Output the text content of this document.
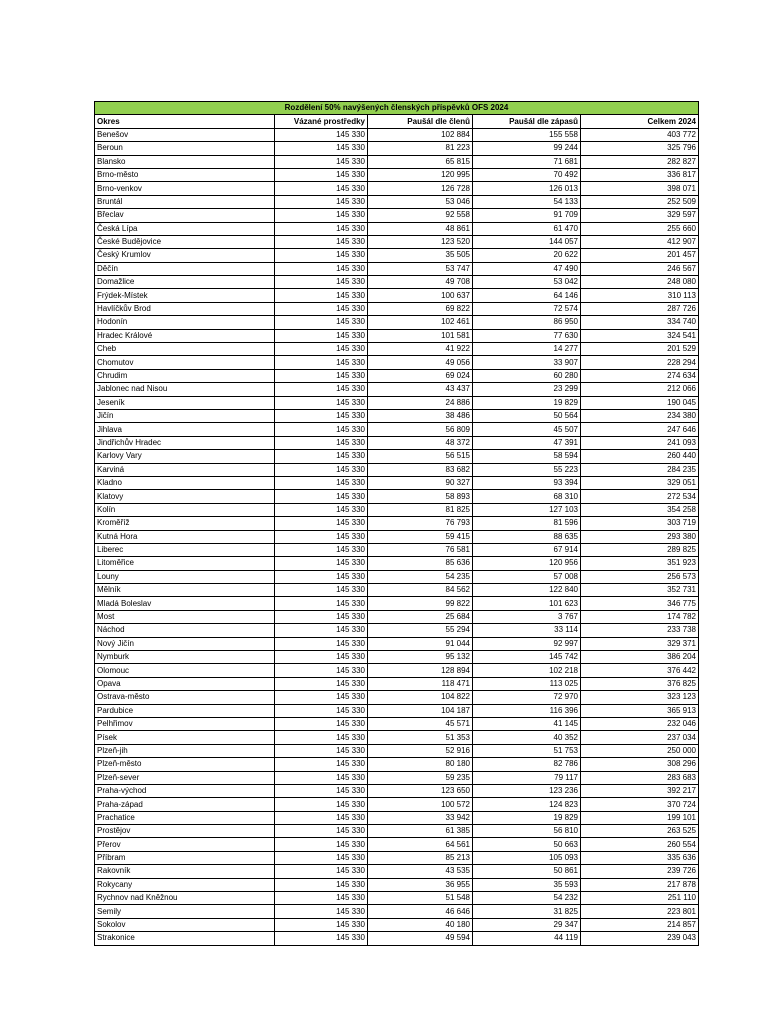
Rozdělení 50% navýšených členských příspěvků OFS 2024				
Okres	Vázané prostředky	Paušál dle členů	Paušál dle zápasů	Celkem 2024
Benešov	145 330	102 884	155 558	403 772
Beroun	145 330	81 223	99 244	325 796
Blansko	145 330	65 815	71 681	282 827
Brno-město	145 330	120 995	70 492	336 817
Brno-venkov	145 330	126 728	126 013	398 071
Bruntál	145 330	53 046	54 133	252 509
Břeclav	145 330	92 558	91 709	329 597
Česká Lípa	145 330	48 861	61 470	255 660
České Budějovice	145 330	123 520	144 057	412 907
Český Krumlov	145 330	35 505	20 622	201 457
Děčín	145 330	53 747	47 490	246 567
Domažlice	145 330	49 708	53 042	248 080
Frýdek-Místek	145 330	100 637	64 146	310 113
Havlíčkův Brod	145 330	69 822	72 574	287 726
Hodonín	145 330	102 461	86 950	334 740
Hradec Králové	145 330	101 581	77 630	324 541
Cheb	145 330	41 922	14 277	201 529
Chomutov	145 330	49 056	33 907	228 294
Chrudim	145 330	69 024	60 280	274 634
Jablonec nad Nisou	145 330	43 437	23 299	212 066
Jeseník	145 330	24 886	19 829	190 045
Jičín	145 330	38 486	50 564	234 380
Jihlava	145 330	56 809	45 507	247 646
Jindřichův Hradec	145 330	48 372	47 391	241 093
Karlovy Vary	145 330	56 515	58 594	260 440
Karviná	145 330	83 682	55 223	284 235
Kladno	145 330	90 327	93 394	329 051
Klatovy	145 330	58 893	68 310	272 534
Kolín	145 330	81 825	127 103	354 258
Kroměříž	145 330	76 793	81 596	303 719
Kutná Hora	145 330	59 415	88 635	293 380
Liberec	145 330	76 581	67 914	289 825
Litoměřice	145 330	85 636	120 956	351 923
Louny	145 330	54 235	57 008	256 573
Mělník	145 330	84 562	122 840	352 731
Mladá Boleslav	145 330	99 822	101 623	346 775
Most	145 330	25 684	3 767	174 782
Náchod	145 330	55 294	33 114	233 738
Nový Jičín	145 330	91 044	92 997	329 371
Nymburk	145 330	95 132	145 742	386 204
Olomouc	145 330	128 894	102 218	376 442
Opava	145 330	118 471	113 025	376 825
Ostrava-město	145 330	104 822	72 970	323 123
Pardubice	145 330	104 187	116 396	365 913
Pelhřimov	145 330	45 571	41 145	232 046
Písek	145 330	51 353	40 352	237 034
Plzeň-jih	145 330	52 916	51 753	250 000
Plzeň-město	145 330	80 180	82 786	308 296
Plzeň-sever	145 330	59 235	79 117	283 683
Praha-východ	145 330	123 650	123 236	392 217
Praha-západ	145 330	100 572	124 823	370 724
Prachatice	145 330	33 942	19 829	199 101
Prostějov	145 330	61 385	56 810	263 525
Přerov	145 330	64 561	50 663	260 554
Příbram	145 330	85 213	105 093	335 636
Rakovník	145 330	43 535	50 861	239 726
Rokycany	145 330	36 955	35 593	217 878
Rychnov nad Kněžnou	145 330	51 548	54 232	251 110
Semily	145 330	46 646	31 825	223 801
Sokolov	145 330	40 180	29 347	214 857
Strakonice	145 330	49 594	44 119	239 043
